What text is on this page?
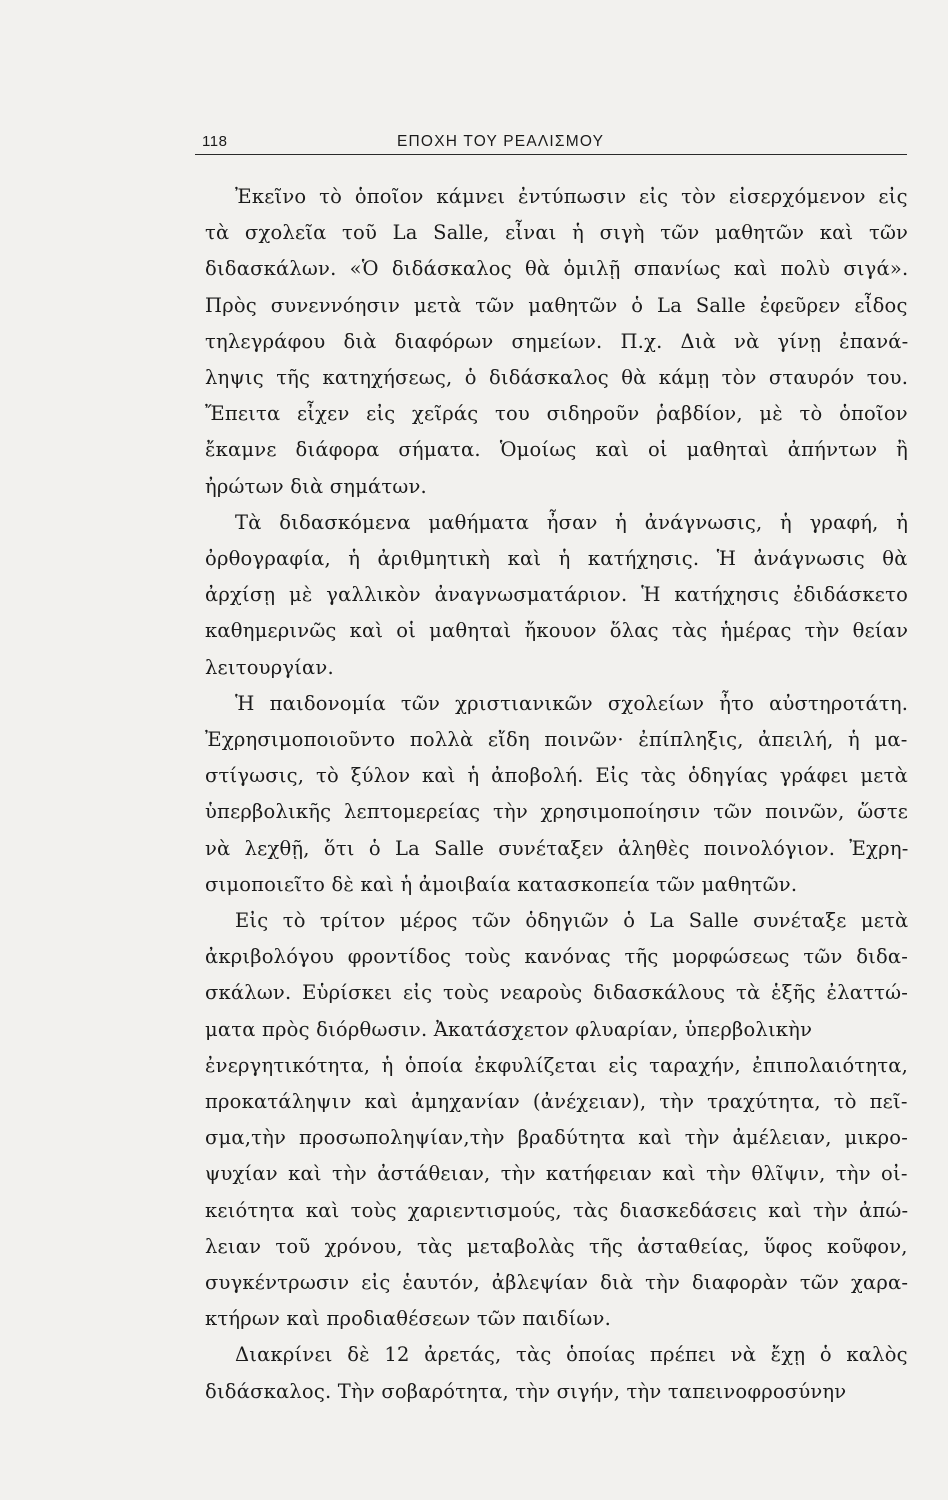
118	ΕΠΟΧΗ ΤΟΥ ΡΕΑΛΙΣΜΟΥ
Ἐκεῖνο τὸ ὁποῖον κάμνει ἐντύπωσιν εἰς τὸν εἰσερχόμενον εἰς
τὰ σχολεῖα τοῦ La Salle, εἶναι ἡ σιγὴ τῶν μαθητῶν καὶ τῶν
διδασκάλων. «Ὁ διδάσκαλος θὰ ὁμιλῇ σπανίως καὶ πολὺ σιγά».
Πρὸς συνεννόησιν μετὰ τῶν μαθητῶν ὁ La Salle ἐφεῦρεν εἶδος
τηλεγράφου διὰ διαφόρων σημείων. Π.χ. Διὰ νὰ γίνῃ ἐπανά-
ληψις τῆς κατηχήσεως, ὁ διδάσκαλος θὰ κάμῃ τὸν σταυρόν του.
Ἔπειτα εἶχεν εἰς χεῖράς του σιδηροῦν ῥαβδίον, μὲ τὸ ὁποῖον
ἔκαμνε διάφορα σήματα. Ὁμοίως καὶ οἱ μαθηταὶ ἀπήντων ἢ
ἠρώτων διὰ σημάτων.
Τὰ διδασκόμενα μαθήματα ἦσαν ἡ ἀνάγνωσις, ἡ γραφή, ἡ
ὀρθογραφία, ἡ ἀριθμητικὴ καὶ ἡ κατήχησις. Ἡ ἀνάγνωσις θὰ
ἀρχίσῃ μὲ γαλλικὸν ἀναγνωσματάριον. Ἡ κατήχησις ἐδιδάσκετο
καθημερινῶς καὶ οἱ μαθηταὶ ἤκουον ὅλας τὰς ἡμέρας τὴν θείαν
λειτουργίαν.
Ἡ παιδονομία τῶν χριστιανικῶν σχολείων ἦτο αὐστηροτάτη.
Ἐχρησιμοποιοῦντο πολλὰ εἴδη ποινῶν· ἐπίπληξις, ἀπειλή, ἡ μα-
στίγωσις, τὸ ξύλον καὶ ἡ ἀποβολή. Εἰς τὰς ὁδηγίας γράφει μετὰ
ὑπερβολικῆς λεπτομερείας τὴν χρησιμοποίησιν τῶν ποινῶν, ὥστε
νὰ λεχθῇ, ὅτι ὁ La Salle συνέταξεν ἀληθὲς ποινολόγιον. Ἐχρη-
σιμοποιεῖτο δὲ καὶ ἡ ἀμοιβαία κατασκοπεία τῶν μαθητῶν.
Εἰς τὸ τρίτον μέρος τῶν ὁδηγιῶν ὁ La Salle συνέταξε μετὰ
ἀκριβολόγου φροντίδος τοὺς κανόνας τῆς μορφώσεως τῶν διδα-
σκάλων. Εὑρίσκει εἰς τοὺς νεαροὺς διδασκάλους τὰ ἑξῆς ἐλαττώ-
ματα πρὸς διόρθωσιν. Ἀκατάσχετον φλυαρίαν, ὑπερβολικὴν
ἐνεργητικότητα, ἡ ὁποία ἐκφυλίζεται εἰς ταραχήν, ἐπιπολαιότητα,
προκατάληψιν καὶ ἀμηχανίαν (ἀνέχειαν), τὴν τραχύτητα, τὸ πεῖ-
σμα,τὴν προσωποληψίαν,τὴν βραδύτητα καὶ τὴν ἀμέλειαν, μικρο-
ψυχίαν καὶ τὴν ἀστάθειαν, τὴν κατήφειαν καὶ τὴν θλῖψιν, τὴν οἰ-
κειότητα καὶ τοὺς χαριεντισμούς, τὰς διασκεδάσεις καὶ τὴν ἀπώ-
λειαν τοῦ χρόνου, τὰς μεταβολὰς τῆς ἀσταθείας, ὕφος κοῦφον,
συγκέντρωσιν εἰς ἑαυτόν, ἀβλεψίαν διὰ τὴν διαφορὰν τῶν χαρα-
κτήρων καὶ προδιαθέσεων τῶν παιδίων.
Διακρίνει δὲ 12 ἀρετάς, τὰς ὁποίας πρέπει νὰ ἔχῃ ὁ καλὸς
διδάσκαλος. Τὴν σοβαρότητα, τὴν σιγήν, τὴν ταπεινοφροσύνην
